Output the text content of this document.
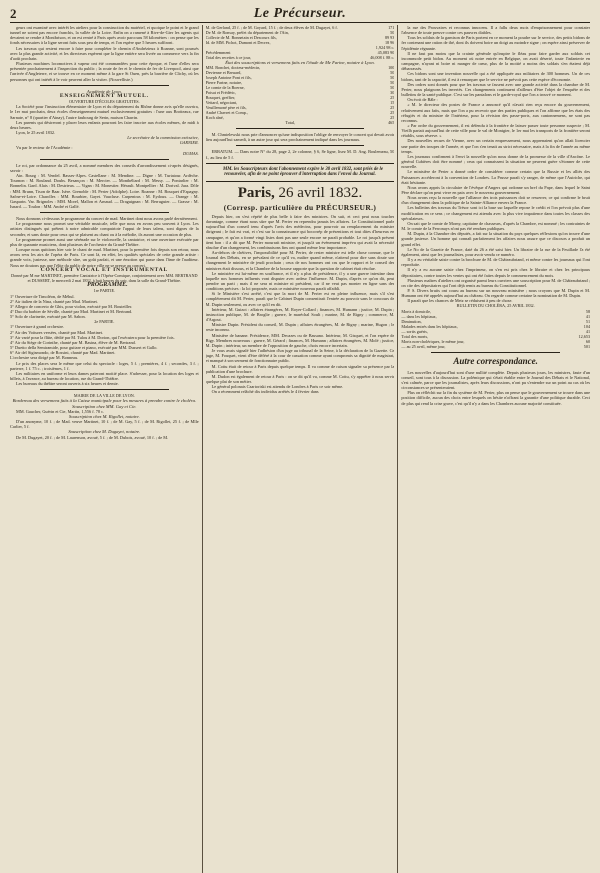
2	Le Précurseur.

geurs ont examiné avec intérêt les ateliers pour la construction du matériel, et quoique le point et le grand tunnel ne soient pas encore franchis, la vallée de la Loire. Enfin on a ramené à Rive-de-Gier les agents qui devaient se rendre à Montbrison, et on est rentré à Paris après avoir parcouru 58 kilomètres : on pense que les fonds nécessaires à la ligne seront faits sous peu de temps, et l'on espère que 5 heures suffiront.

Les travaux qui restent encore à faire pour compléter le chemin d'Andrézieux à Roanne, sont poussés avec la plus grande activité, et les directeurs espèrent que la ligne entière sera livrée au commerce vers la fin d'août prochain.

Plusieurs machines locomotives à vapeur ont été commandées pour cette époque, et l'une d'elles sera présentée prochainement à l'inspection du public ; la route de fer et le chemin de fer de Liverpool, ainsi que l'arrivée d'Angleterre, et se trouve en ce moment même à la gare St Ouen, près la barrière de Clichy, où les personnes qui ont intérêt à le voir peuvent aller la visiter. (Nouvelliste.)

Académie de Lyon.

ENSEIGNEMENT MUTUEL.

OUVERTURE D'ÉCOLES GRATUITES.

La Société pour l'instruction élémentaire de Lyon et du département du Rhône donne avis qu'elle ouvrira, le 1er mai prochain, deux écoles d'enseignement mutuel exclusivement gratuites : l'une aux Brotteaux, rue Sarnate, n° 8 (quartier d'Ainay), l'autre faubourg de Serin, maison Charrin.

Les parents qui désireront y placer leurs enfants pourront les faire inscrire aux écoles mêmes, de midi à deux heures.

Lyon, le 25 avril 1832.

Le secrétaire de la commission exécutive,

GARNIER.

Vu par le recteur de l'Académie :

DUMAS.

Le roi, par ordonnance du 25 avril, a nommé membres des conseils d'arrondissement ci-après désignés, savoir :

Ain. Bourg : M. Vendel. Basses-Alpes. Castellane : M. Mendine. — Digne : M. Turtatour. Ardèche. Tournon : M. Rouland. Doubs. Besançon : M. Mercier. — Montbéliard : M. Messy. — Pontarlier : M. Bonnelin. Gard. Alais : M. Destrieux. — Vigan : M. Monestier. Hérault. Montpellier : M. Dorival. Jura. Dôle : MM. Brunn, Tison de Baar. Isère. Grenoble : M. Perier (Adolphe). Loire. Roanne : M. Bouquet d'Espagny. Saône-et-Loire. Charolles : MM. Bourbier, Gayet. Vaucluse. Carpentras : M. Eydoux. — Orange : M. Gasparin. Var. Brignoles : MM. Morel, Mallon et Arnaud. — Draguignan : M. Berruguier. — Grasse : M. Isnard. — Toulon : MM. André et Gallé.

Nous donnons ci-dessous le programme du concert de mad. Martinet dont nous avons parlé dernièrement.

Le programme nous promet une véritable musicale, telle que nous en avons peu souvent à Lyon. Les artistes distingués qui prêtent à notre admirable compatriote l'appui de leurs talens, sont dignes de la seconder, et sans doute pour ceux qui se plaisent au chant ou à la mélodie, ils auront une occasion de plus.

Le programme promet aussi une sérénade sur le violoncelle, la cantatrice, et une ouverture exécutée par plus de quarante musiciens, dont plusieurs de l'orchestre du Grand-Théâtre.

Lorsque nous quittions hier soir le chant de mad. Martinet, pour la première fois depuis son retour, nous avons revu les airs de l'opéra de Paris. Ce sont là, en effet, les qualités spéciales de cette grande artiste : grande voix, justesse, une méthode sûre, un goût parfait, et une émotion qui passe dans l'âme de l'auditeur. Nous ne doutons pas que l'élite du public de notre ville ne se presse au concert.

CONCERT VOCAL ET INSTRUMENTAL

Donné par M me MARTINET, première Cantatrice à l'Opéra-Comique, conjointement avec MM. BERTRAND et DUSSERT, le mercredi 2 mai 1832, à huit heures du soir, dans la salle du Grand-Théâtre.

PROGRAMME.

1re PARTIE.

1° Ouverture de Timoléon, de Méhul.

2° Air italien de la Nina, chanté par Mad. Martinet.

3° Allegro de concerto de Ghis, pour violon, exécuté par M. Bouteiller.

4° Duo du barbier de Séville, chanté par Mad. Martinet et M. Bertrand.

5° Solo de clarinette, exécuté par M. Sabon.

2e PARTIE.

1° Ouverture à grand orchestre.

2° Air des Voitures versées, chanté par Mad. Martinet.

3° Air varié pour la flûte, dédié par M. Tulou à M. Dorion, qui l'exécutera pour la première fois.

4° Air du Siège de Corinthe, chanté par M. Basina, élève de M. Bertrand.

5° Duetto della Semiramide, pour guitare et piano, exécuté par MM. Dussert et Gallo.

6° Air del Sigismondo, de Rossini, chanté par Mad. Martinet.

L'orchestre sera dirigé par M. Bonneau.

Le prix des places sera le même que celui du spectacle : loges, 5 f. ; premières, 4 f. ; secondes, 3 f. ; parterre, 1 f. 75 c. ; troisièmes, 1 f.

Les militaires en uniforme et leurs dames paieront moitié place. S'adresser, pour la location des loges et billets, à l'avance, au bureau de location, rue du Grand-Théâtre.

Les bureaux du théâtre seront ouverts à six heures et demie.

MAIRIE DE LA VILLE DE LYON.

Bordereau des versemens faits à la Caisse municipale pour les mesures à prendre contre le choléra.

Souscription chez MM. Gay et Cie.

MM. Gaucher, Guérin et Cie, Martin, 1,556 f. 78 c.

Souscription chez M. Rigollet, notaire.

D'un anonyme, 10 f. ; de Mad. veuve Martinet, 10 f. ; de M. Gay, 5 f. ; de M. Rigollet, 25 f. ; de Mlle Carlier, 5 f.

Souscription chez M. Dugayet, notaire.

De M. Dugayet, 20 f. ; de M. Laurenson, avoué, 5 f. ; de M. Dubois, avoué, 10 f. ; de M.

M. de Gerland, 25 f. ; de M. Goyard, 15 f. ; de deux élèves de M. Dugayet, 6 f.	171
De M. de Ronsay, préfet du département de l'Ain,	50
Collecte de M. Bonnetain et Descours fils,	89 93
Id. de MM. Pichot, Dumont et Decrex,	18 96
	1,924 98 c.
Précédemment	45,083 90
Total des recettes à ce jour,	46,008 f. 88 c.

État des souscriptions et versemens faits en l'étude de Me Farine, notaire à Lyon.

MM. Bonchet, docteur-médecin,	100
Devienne et Breuard,	50
Joseph Antoine Pont et fils,	50
Pierre Farine, notaire,	50
Le comte de la Boerne,	50
Poisat et Frédéric,	30
Bouquet, greffier,	25
Vettard, négociant,	15
Veuillemoné père et fils,	25
André Chavret et Comp.,	25
Koch aîné,	25
Total,	465

M. Chmielewski nous prie d'annoncer qu'une indisposition l'oblige de renvoyer le concert qui devait avoir lieu aujourd'hui samedi, à un autre jour qui sera prochainement indiqué dans les journaux.

ERRATUM. — Dans notre N° du 28, page 2, 2e colonne, § 6, 8e ligne, lisez M. D. Ang. Boulemeau, 50 f., au lieu de 5 f.

MM. les Souscripteurs dont l'abonnement expire le 30 avril 1832, sont priés de le renouveler, afin de ne point éprouver d'interruption dans l'envoi du Journal.

Paris, 26 avril 1832.
(Corresp. particulière du PRÉCURSEUR.)

Depuis hier, on s'est répété de plus belle à faire des ministres. On suit, et ceci peut nous toucher davantage, comme étant nous sûre que M. Perier en reprendra jamais les affaires. Le Constitutionnel parle aujourd'hui d'un conseil tenu d'après l'avis des médecins, pour pourvoir au remplacement du ministre dirigeant ; le fait est vrai, et c'est sur la connaissance qui bocorrép de présentions et tout dites d'heureux en campagne, et qu'on a formé vingt listes dont pas une seule encore ne paraît probable. Le roi jusqu'à présent tient bon : il a dit que M. Perier mourrait ministre, et jusqu'à un événement imprévu qui avait la nécessité absolue d'un changement, les combinaisons fins ont quand même leur importance.

Au-dehors de chétives, l'impossibilité pour M. Perier, de rester ministre est telle chose connue, que le Journal des Débats, en se prévalant de ce qu'il va, maître quand même, n'attend pour dire sans doute son changement le ministère de jeudi prochain ; ceux de nos hommes ont cru que le rapport et le conseil des ministres était dissous, et la Chambre de la bourse rapporte que la question de cabinet était résolue.

Le ministère est lui-même en souffrance, et il n'y a plus de présidence, il y a une guerre intestine dans laquelle nos hommes influents vont disputer avec ardeur l'influence. M. Dupin, d'après ce qu'on dit, peut prendre un parti ; mais il ne sera ni ministre ni président, car il ne veut pas monter en ligne sans des conditions précises : la loi proposée, mais ce ministère nouveau paraît affaibli.

Si le Ministère s'est arrêté, c'est que la mort de M. Perier est en pleine influence, mais s'il s'est complètement dit M. Perier, paraît que le Cabinet Dupin consentirait l'entrée au pouvoir sans le concours de M. Dupin seulement, ou avec ce qu'il en dit.

Intérieur, M. Guizot : affaires étrangères, M. Royer-Collard ; finances, M. Humann ; justice, M. Dupin ; instruction publique, M. de Broglie ; guerre, le maréchal Soult ; marine, M. de Rigny ; commerce, M. d'Argout.

Ministre Dupin. Président du conseil, M. Dupin ; affaires étrangères, M. de Rigny ; marine, Hugon ; le reste inconnu.

Ministère de banane. Présidence, MM. Decazes ou de Bassano. Intérieur, M. Gisquet, et l'on espère de Bigy. Membres nouveaux : guerre, M. Gérard ; finances, M. Humann ; affaires étrangères, M. Molé ; justice, M. Dupin ; intérieur, un membre de l'opposition de gauche, choix encore incertain.

Je vous avais signalé hier l'adhésion d'un juge au tribunal de la Seine, à la déclaration de la Gazette. Ce juge, M. Fouquet, vient d'être déféré à la cour de cassation comme ayant compromis sa dignité de magistrat, et manqué à son serment de fonctionnaire public.

M. Cottu était de retour à Paris depuis quelque temps. Il va comme de raison signaler sa présence par la publication d'une brochure.

M. Dudon est également de retour à Paris : on se dit qu'il va, comme M. Cottu, s'y apprêter à nous servir quelque plat de son métier.

Le général polonais Czartoriski est attendu de Londres à Paris ce soir même.

On a récemment relâché dix individus arrêtés le 4 février dans

la rue des Prouvaires et reconnus innocens. Il a fallu deux mois d'emprisonnement pour constater l'absence de toute preuve contre ces pauvres diables.

Tous les soldats de la garnison de Paris portent en ce moment la poudre sur le service, des petits bidons de fer contenant une ration de thé, dont ils doivent boire un doigt au moindre signe ; on espère ainsi préserver de l'épidémie régnante.

Il ne faut pas moins que la crainte générale qu'inspire le fléau pour faire garder aux soldats cet incommode petit bidon. Au moment où notre entrée en Belgique, on avait déserté, toute l'infanterie en campagne, n'ayant ni boire ni manger de cœur, plus de la moitié a moins des soldats s'en étaient déjà débarrassés.

Ces bidons sont une invention nouvelle qui a été appliquée aux militaires de 300 hommes. Un de ces bidons, tant de la capacité, il est à remarquer que le service ne prévoit pas cette espèce d'économie.

Des ordres sont donnés pour que les travaux se fassent avec une grande activité dans la chambre de M. Perier, nous plaignons les invertés. Ces changements continuent d'ailleurs d'être l'objet de l'enquête et des bulletins de la santé publique. C'est sur les pantalons et le garde-royal que l'on a trouvé ce moment.

On écrit de Bâle :

« M. le directeur des postes de France a annoncé qu'il n'avait rien reçu encore du gouvernement, relativement aux faits, mais que l'on a pu recevoir que des parties publiques et l'on affirme que les états des réfugiés et du ministre de l'intérieur, pour la révision des passe-ports, aux cantonnemens, ne sont pas reconnus.

« Par ordre du gouvernement, il est défendu à la frontière de laisser passer toute personne suspecte ; M. Vieilh partait aujourd'hui de cette ville pour le val de Montgier, le 1er mai les transports de la frontière seront rétablis, sous réserve. »

Des nouvelles recues de Vienne, avec un certain empressement, nous apprenaient qu'on allait licencier une partie des troupes de l'armée, et que l'on s'en tenait au strict nécessaire, mais à la fin de l'année au même temps.

Les journaux confirment à l'envi la nouvelle qu'on nous donne de la promesse de la ville d'Ancône. Le général Cubières doit être nommé ; ceux qui connaissent la situation ne peuvent guère s'étonner de cette nouvelle.

Le ministère de Perier a donné ordre de considérer comme certain que la Russie et les alliés des Puissances accéderont à la convention de Londres. La Prusse paraît s'y ranger, de même que l'Autriche, qui était hésitante.

Nous avons appris la circulaire de l'évêque d'Angers qui ordonne un bref du Pape, dans lequel le Saint Père déclare qu'on peut vivre en paix avec le nouveau gouvernement.

Nous avons reçu la nouvelle que l'alliance des trois puissances doit se resserrer, ce qui confirme le bruit d'un changement dans la politique de la Sainte-Alliance envers la France.

Les bulletins des travaux du Trésor sont ici la base sur laquelle repose le crédit et l'on prévoit plus d'une modification en ce sens ; ce changement est attendu avec la plus vive impatience dans toutes les classes des spéculateurs.

On sait que le comte de Morny, capitaine de chasseurs, d'après la Chambre, est nommé ; les contraintes de M. le comte de la Ferronays n'ont pas été rendues publiques.

M. Dupin, à la Chambre des députés, a fait sur la situation du pays quelques réflexions qu'on trouve d'une grande justesse. Un homme qui connaît parfaitement les affaires nous assure que ce discours a produit un grand effet.

Le No de la Gazette de France, daté du 26 a été saisi hier. Un libraire de la rue de la Feuillade l'a été également, ainsi que les journalistes, pour avoir vendu ce numéro.

Il y a eu véritable saisie contre la brochure de M. de Châteaubriand, et même contre les journaux qui l'ont reproduite.

Il n'y a eu aucune saisie chez l'imprimeur, on s'en est pris chez le libraire et chez les principaux dépositaires, contre toutes les ventes qui ont été faites depuis le commencement du mois.

Plusieurs maîtres d'ateliers ont organisé parmi leurs ouvriers une souscription pour M. de Châteaubriand ; on cite des dépositaires qui l'ont déjà remis au bureau du Constitutionnel.

P. S. Divers bruits ont couru au bureau sur un nouveau ministère ; nous croyons que M. Dupin et M. Humann ont été appelés aujourd'hui au château. On regarde comme certaine la nomination de M. Dupin.

Il paraît que les chances de Metz se réduisent à peu de chose.

BULLETIN DU CHOLÉRA, 25 AVRIL 1832.

Morts à domicile,	58
— dans les hôpitaux,	41
Diminution,	51
Malades entrés dans les hôpitaux,	104
— sortis guéris,	41
Total des morts,	12,653
Morts non-cholériques, le même jour,	60
— au 25 avril, même jour,	501
Autre correspondance.

Les nouvelles d'aujourd'hui sont d'une nullité complète. Depuis plusieurs jours, les ministres, faute d'un conseil, sont tous à la discussion. La polémique qui s'était établie entre le Journal des Débats et le National, s'est calmée, parce que les journalistes, après leurs discussions, n'ont pu s'entendre sur un point au cas où les circonstances se présenteraient.

Plus on réfléchit sur la fin du système de M. Perier, plus on pense que le gouvernement se trouve dans une position difficile, aucun des choix entre lesquels on hésite n'offrant la garantie d'une politique durable. Ceci de plus qui rend la crise grave, c'est qu'il n'y a dans les Chambres aucune majorité constituée.
